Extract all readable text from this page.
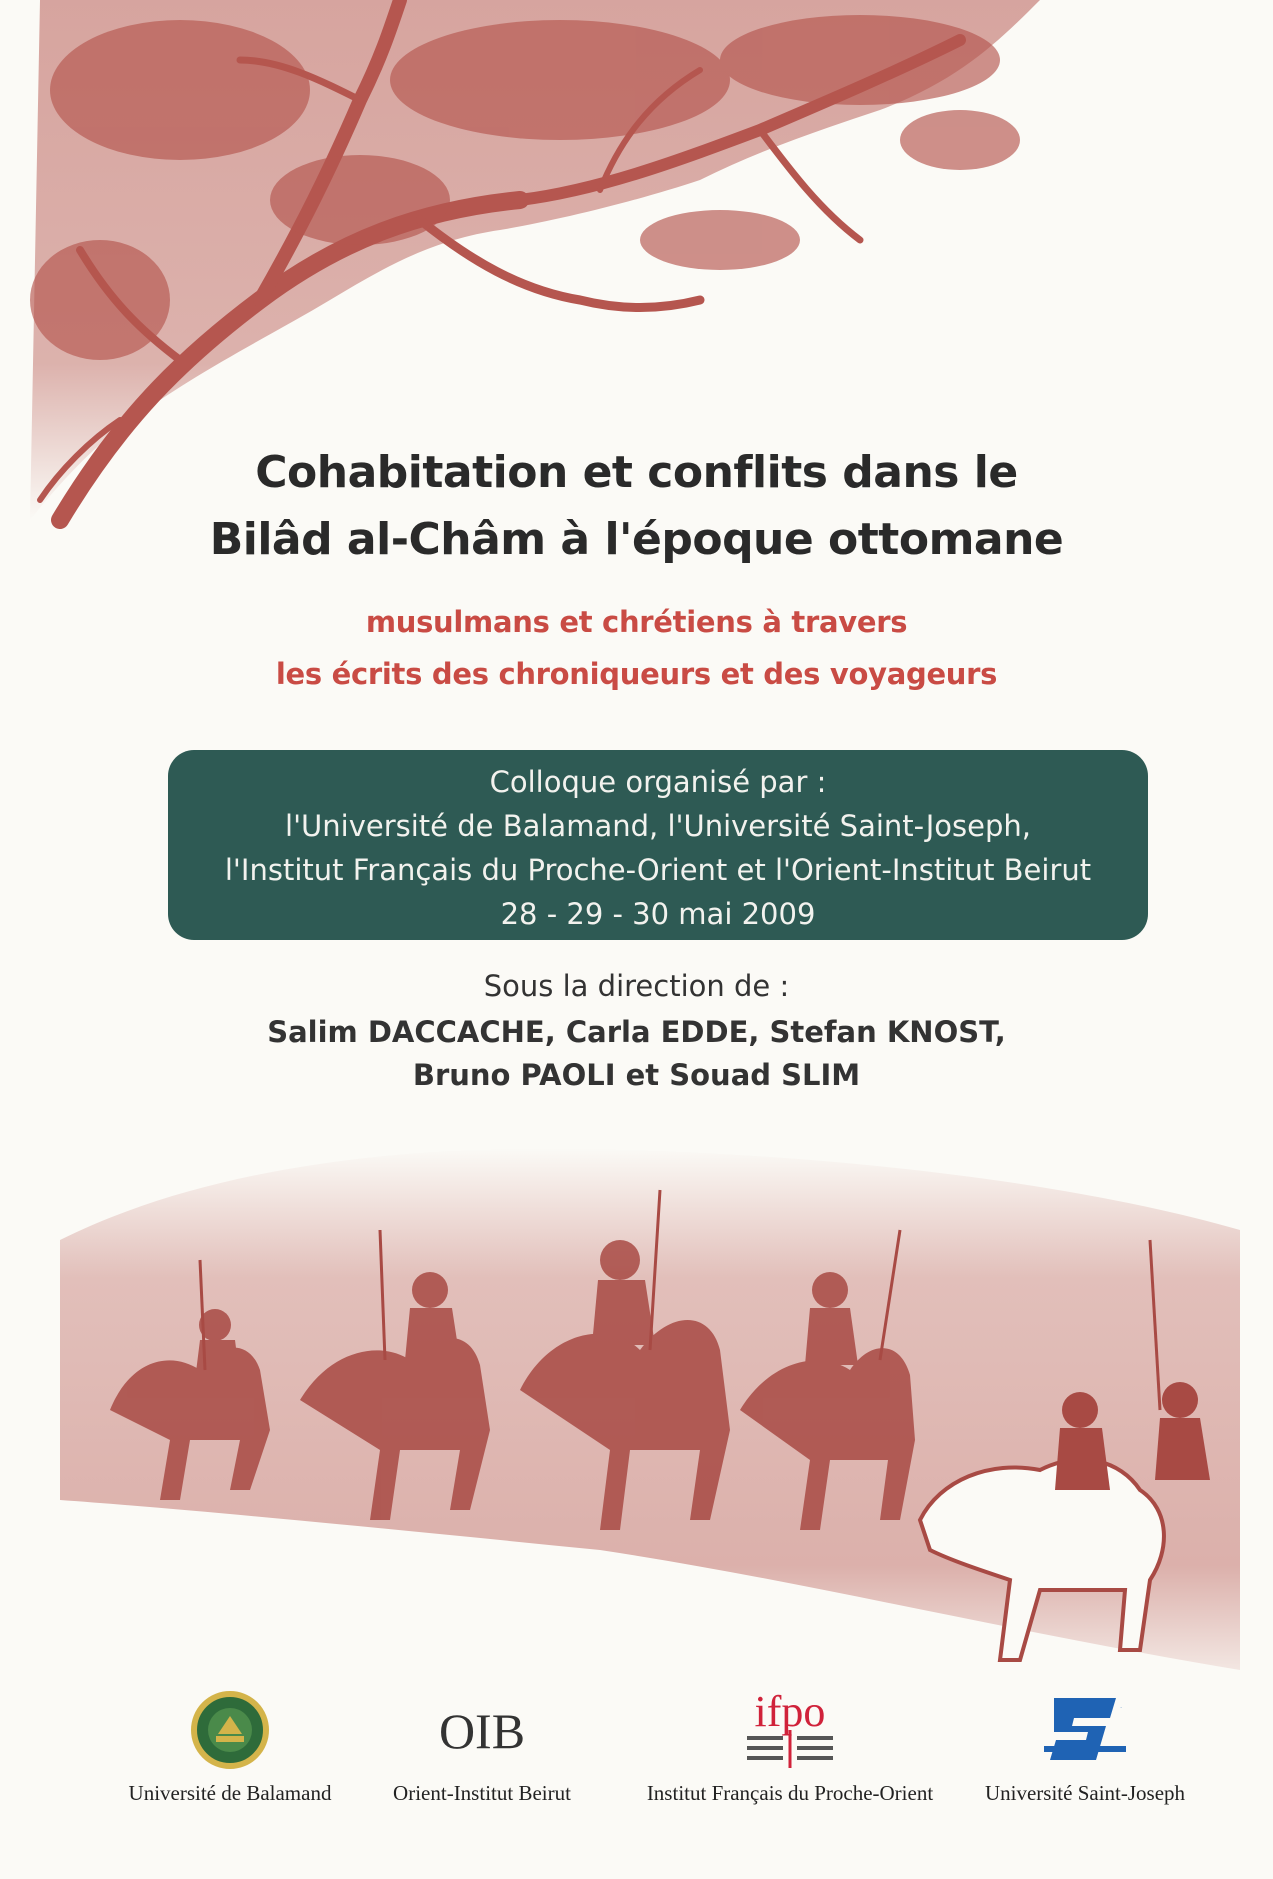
Cohabitation et conflits dans le
Bilâd al-Châm à l'époque ottomane
musulmans et chrétiens à travers
les écrits des chroniqueurs et des voyageurs
Colloque organisé par :
l'Université de Balamand, l'Université Saint-Joseph,
l'Institut Français du Proche-Orient et l'Orient-Institut Beirut
28 - 29 - 30 mai 2009
Sous la direction de :
Salim DACCACHE, Carla EDDE, Stefan KNOST,
Bruno PAOLI et Souad SLIM
Université de Balamand
OIB
Orient-Institut Beirut
ifpo
Institut Français du Proche-Orient
USJ
Université Saint-Joseph
